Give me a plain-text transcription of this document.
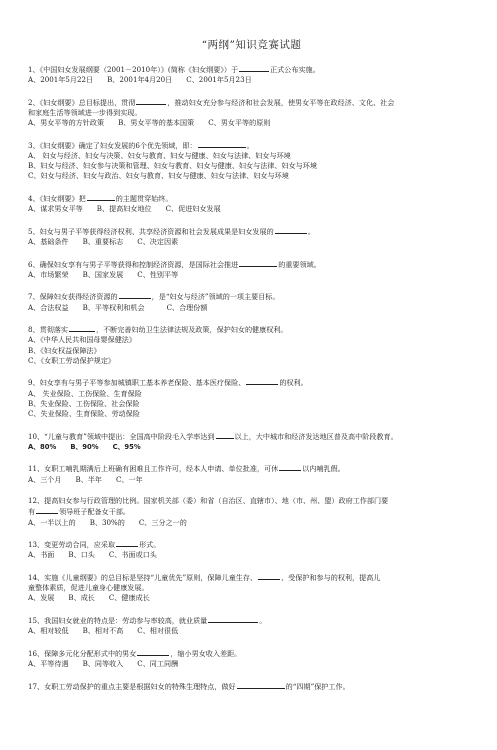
“两纲”知识竞赛试题
1、《中国妇女发展纲要（2001－2010年）》(简称《妇女纲要》）于	正式公布实施。
A、2001年5月22日 B、2001年4月20日 C、2001年5月23日
2、《妇女纲要》总目标提出，贯彻	，推动妇女充分参与经济和社会发展，使男女平等在政经济、文化、社会
和家庭生活等领域进一步得到实现。
A、男女平等的方针政策 B、男女平等的基本国策 C、男女平等的原则
3、《妇女纲要》确定了妇女发展的6个优先领域，即：	。
A、 妇女与经济、妇女与决策、妇女与教育、妇女与健康、妇女与法律、妇女与环境
B、妇女与经济、妇女参与决策和管理、妇女与教育、妇女与健康、妇女与法律、妇女与环境
C、妇女与经济、妇女与政治、妇女与教育、妇女与健康、妇女与法律、妇女与环境
4、《妇女纲要》把	的主题贯穿始终。
A、谋求男女平等 B、提高妇女地位 C、促进妇女发展
5、妇女与男子平等获得经济权利、共享经济资源和社会发展成果是妇女发展的	。
A、基础条件 B、重要标志 C、决定因素
6、确保妇女享有与男子平等获得和控制经济资源，是国际社会推进	的重要领域。
A、市场繁荣 B、国家发展 C、性别平等
7、保障妇女获得经济资源的	，是“妇女与经济”领域的一项主要目标。
A、合法权益 B、平等权利和机会	C、合理份额
8、贯彻落实	，不断完善妇幼卫生法律法规及政策，保护妇女的健康权利。
A、《中华人民共和国母婴保健法》
B、《妇女权益保障法》
C、《女职工劳动保护规定》
9、妇女享有与男子平等参加城镇职工基本养老保险、基本医疗保险、	的权利。
A、 失业保险、工伤保险、生育保险
B、失业保险、工伤保险、社会保险
C、失业保险、生育保险、劳动保险
10、“儿童与教育”领域中提出：全国高中阶段毛入学率达到	以上，大中城市和经济发达地区普及高中阶段教育。
A、80% B、90% C、95%
11、女职工哺乳期满后上班确有困难且工作许可，经本人申请、单位批准，可休	以内哺乳假。
A、三个月 B、半年 C、一年
12、提高妇女参与行政管理的比例。国家机关部（委）和省（自治区、直辖市）、地（市、州、盟）政府工作部门要
有	领导班子配备女干部。
A、一半以上的 B、30%的 C、三分之一的
13、变更劳动合同，应采取	形式。
A、书面 B、口头 C、书面或口头
14、实施《儿童纲要》的总目标是坚持“儿童优先”原则，保障儿童生存、	、受保护和参与的权利，提高儿
童整体素质，促进儿童身心健康发展。
A、发展 B、成长 C、健康成长
15、我国妇女就业的特点是：劳动参与率较高，就业质量	。
A、相对较低 B、相对不高 C、相对很低
16、保障多元化分配形式中的男女	，缩小男女收入差距。
A、平等待遇 B、同等收入 C、同工同酬
17、女职工劳动保护的重点主要是根据妇女的特殊生理特点，做好	的“四期”保护工作。
